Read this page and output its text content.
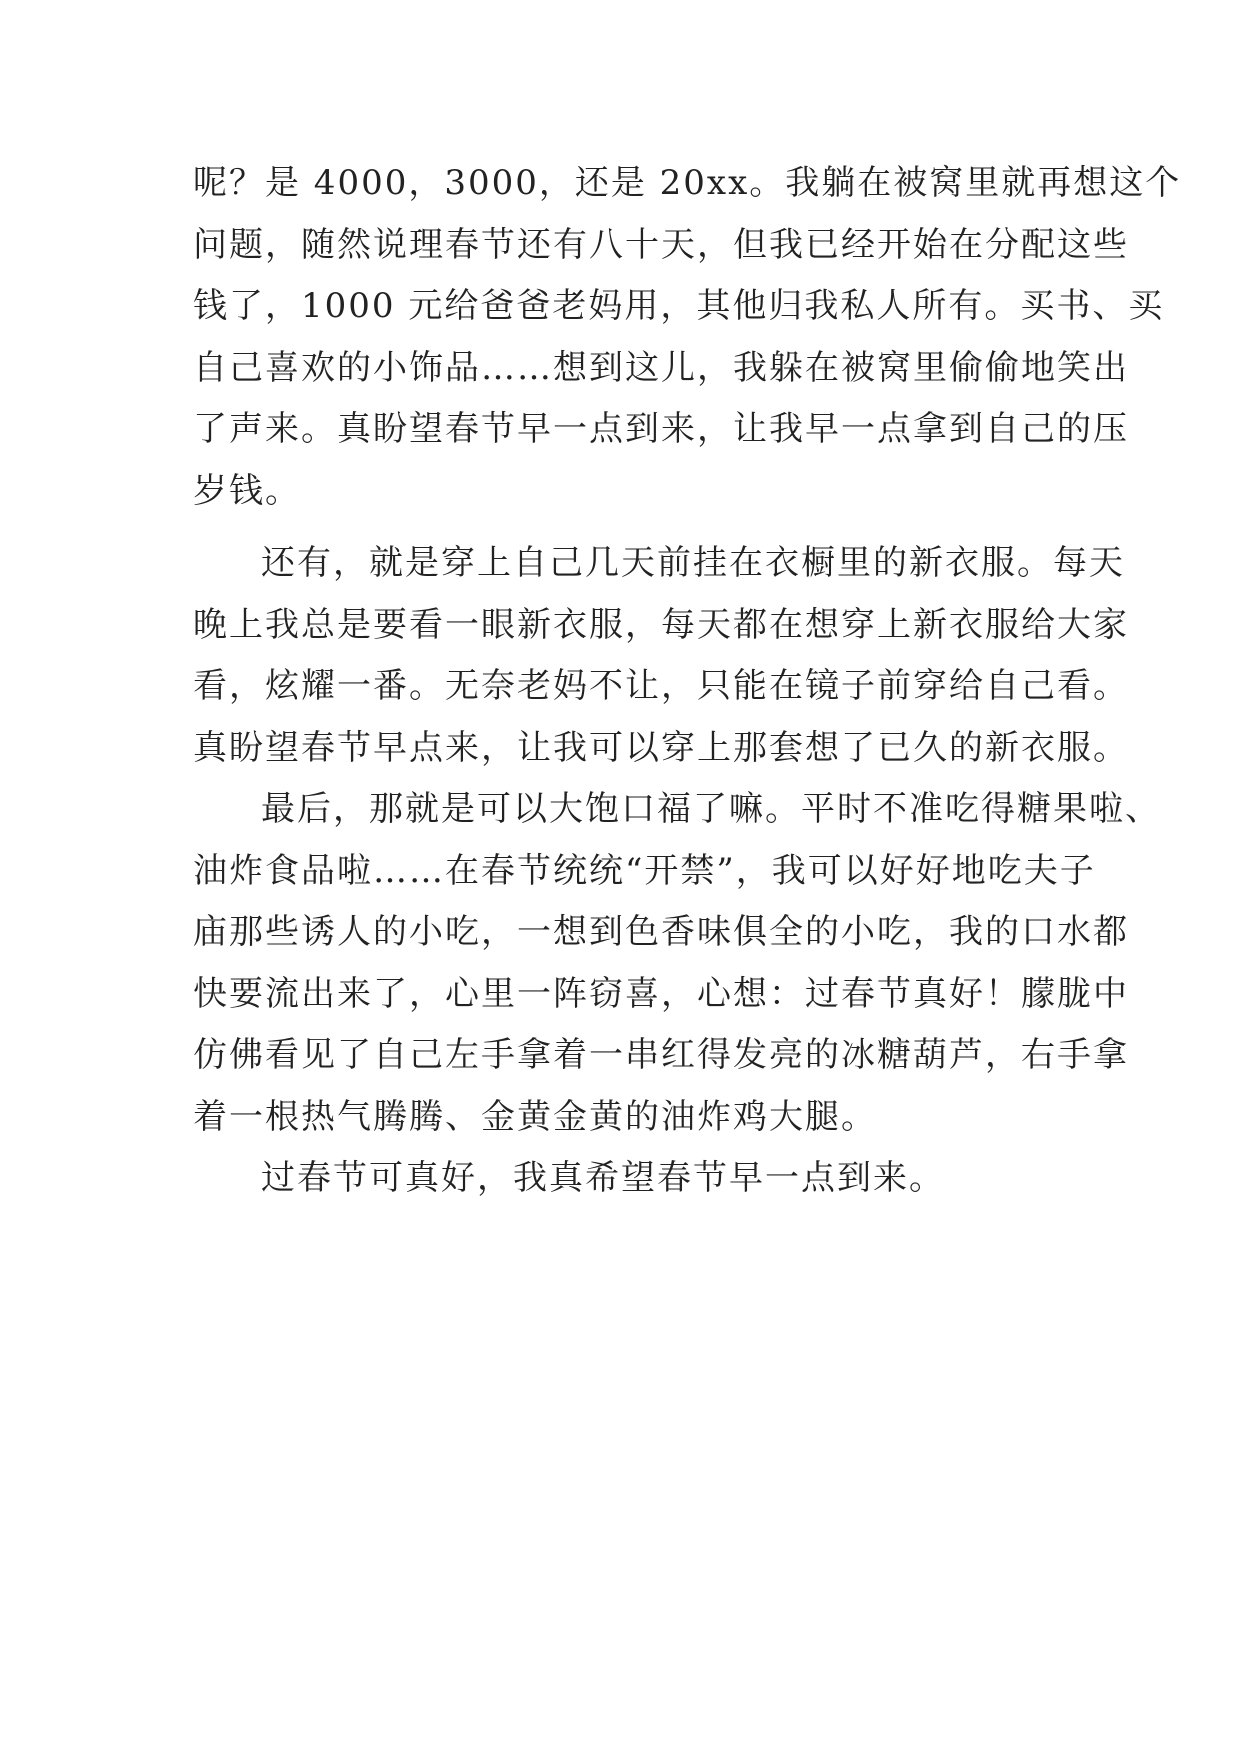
呢？是 4000，3000，还是 20xx。我躺在被窝里就再想这个
问题，随然说理春节还有八十天，但我已经开始在分配这些
钱了，1000 元给爸爸老妈用，其他归我私人所有。买书、买
自己喜欢的小饰品……想到这儿，我躲在被窝里偷偷地笑出
了声来。真盼望春节早一点到来，让我早一点拿到自己的压
岁钱。
还有，就是穿上自己几天前挂在衣橱里的新衣服。每天
晚上我总是要看一眼新衣服，每天都在想穿上新衣服给大家
看，炫耀一番。无奈老妈不让，只能在镜子前穿给自己看。
真盼望春节早点来，让我可以穿上那套想了已久的新衣服。
最后，那就是可以大饱口福了嘛。平时不准吃得糖果啦、
油炸食品啦……在春节统统“开禁”，我可以好好地吃夫子
庙那些诱人的小吃，一想到色香味俱全的小吃，我的口水都
快要流出来了，心里一阵窃喜，心想：过春节真好！朦胧中
仿佛看见了自己左手拿着一串红得发亮的冰糖葫芦，右手拿
着一根热气腾腾、金黄金黄的油炸鸡大腿。
过春节可真好，我真希望春节早一点到来。
